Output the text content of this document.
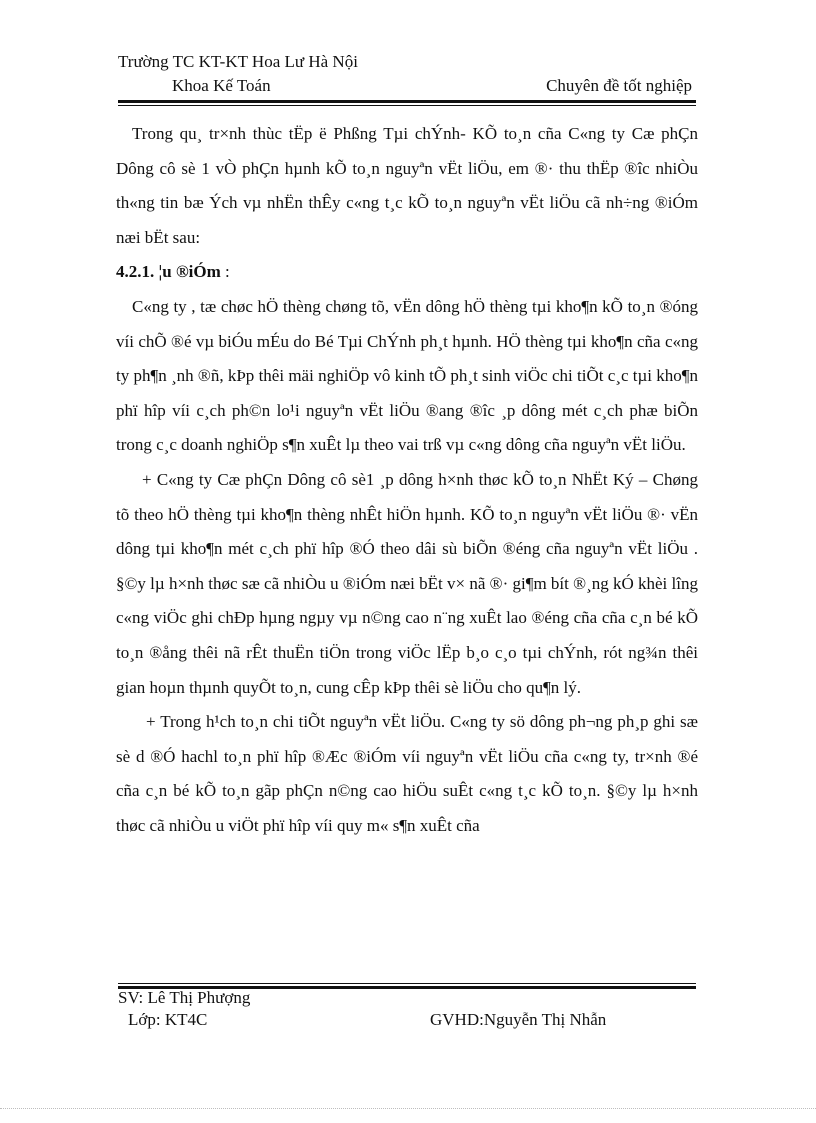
Trường TC KT-KT Hoa Lư Hà Nội
Khoa Kế Toán	Chuyên đề tốt nghiệp

Trong qu¸ tr×nh thùc tËp ë Phßng Tµi chÝnh- KÕ to¸n cña C«ng ty Cæ phÇn Dông cô sè 1 vÒ phÇn hµnh kÕ to¸n nguyªn vËt liÖu, em ®· thu thËp ®îc nhiÒu th«ng tin bæ Ých vµ nhËn thÊy c«ng t¸c kÕ to¸n nguyªn vËt liÖu cã nh÷ng ®iÓm næi bËt sau:

4.2.1. ¦u ®iÓm :

C«ng ty , tæ chøc hÖ thèng chøng tõ, vËn dông hÖ thèng tµi kho¶n kÕ to¸n ®óng víi chÕ ®é vµ biÓu mÉu do Bé Tµi ChÝnh ph¸t hµnh. HÖ thèng tµi kho¶n cña c«ng ty ph¶n ¸nh ®ñ, kÞp thêi mäi nghiÖp vô kinh tÕ ph¸t sinh viÖc chi tiÕt c¸c tµi kho¶n phï hîp víi c¸ch ph©n lo¹i nguyªn vËt liÖu ®ang ®îc ¸p dông mét c¸ch phæ biÕn trong c¸c doanh nghiÖp s¶n xuÊt lµ theo vai trß vµ c«ng dông cña nguyªn vËt liÖu.

+ C«ng ty Cæ phÇn Dông cô sè1 ¸p dông h×nh thøc kÕ to¸n NhËt Ký – Chøng tõ theo hÖ thèng tµi kho¶n thèng nhÊt hiÖn hµnh. KÕ to¸n nguyªn vËt liÖu ®· vËn dông tµi kho¶n mét c¸ch phï hîp ®Ó theo dâi sù biÕn ®éng cña nguyªn vËt liÖu . §©y lµ h×nh thøc sæ cã nhiÒu u ®iÓm næi bËt v× nã ®· gi¶m bít ®¸ng kÓ khèi lîng c«ng viÖc ghi chÐp hµng ngµy vµ n©ng cao n¨ng xuÊt lao ®éng cña cña c¸n bé kÕ to¸n ®ång thêi nã rÊt thuËn tiÖn trong viÖc lËp b¸o c¸o tµi chÝnh, rót ng¾n thêi gian hoµn thµnh quyÕt to¸n, cung cÊp kÞp thêi sè liÖu cho qu¶n lý.

+ Trong h¹ch to¸n chi tiÕt nguyªn vËt liÖu. C«ng ty sö dông ph¬ng ph¸p ghi sæ sè d ®Ó hachl to¸n phï hîp ®Æc ®iÓm víi nguyªn vËt liÖu cña c«ng ty, tr×nh ®é cña c¸n bé kÕ to¸n gãp phÇn n©ng cao hiÖu suÊt c«ng t¸c kÕ to¸n. §©y lµ h×nh thøc cã nhiÒu u viÖt phï hîp víi quy m« s¶n xuÊt cña

SV: Lê Thị Phượng
Lớp: KT4C	GVHD:Nguyễn Thị Nhẫn
